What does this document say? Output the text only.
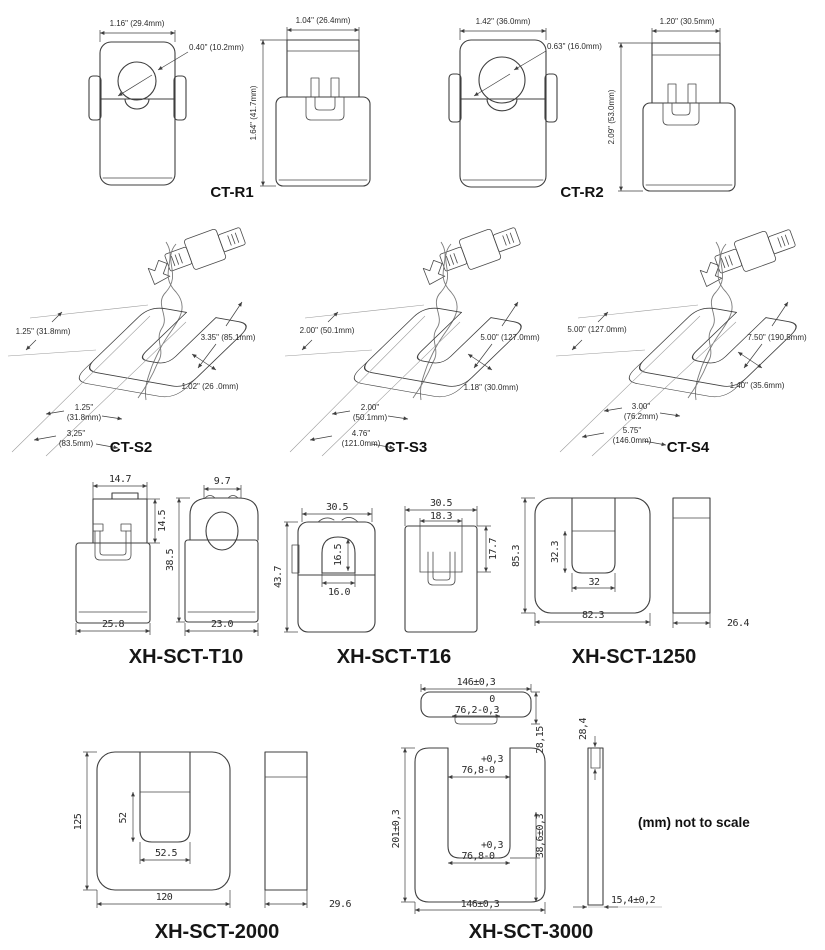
1.16" (29.4mm)
0.40" (10.2mm)
1.04" (26.4mm)
1.64" (41.7mm)
CT-R1
1.42" (36.0mm)
0.63" (16.0mm)
1.20" (30.5mm)
2.09" (53.0mm)
CT-R2
1.25" (31.8mm)
3.35" (85.1mm)
1.02" (26 .0mm)
1.25"
(31.8mm)
3,25"
(83.5mm) CT-S2
2.00" (50.1mm)
5.00" (127.0mm)
1.18" (30.0mm)
2.00"
(50.1mm)
4.76"
(121.0mm) CT-S3
5.00" (127.0mm)
7.50" (190.5mm)
1.40" (35.6mm)
3.00"
(76.2mm)
5.75"
(146.0mm) CT-S4
14.7
14.5
25.8
9.7
38.5
23.0
XH-SCT-T10
30.5
43.7
16.5
16.0
30.5
18.3
17.7
XH-SCT-T16
85.3	32.3
32
82.3
26.4
XH-SCT-1250
125	52
52.5
120
29.6
XH-SCT-2000
146±0,3
0
76,2-0,3
28,15
201±0,3
+0,3
76,8-0
+0,3
76,8-0	38,6±0,3
146±0,3
28,4
15,4±0,2
XH-SCT-3000
(mm) not to scale
